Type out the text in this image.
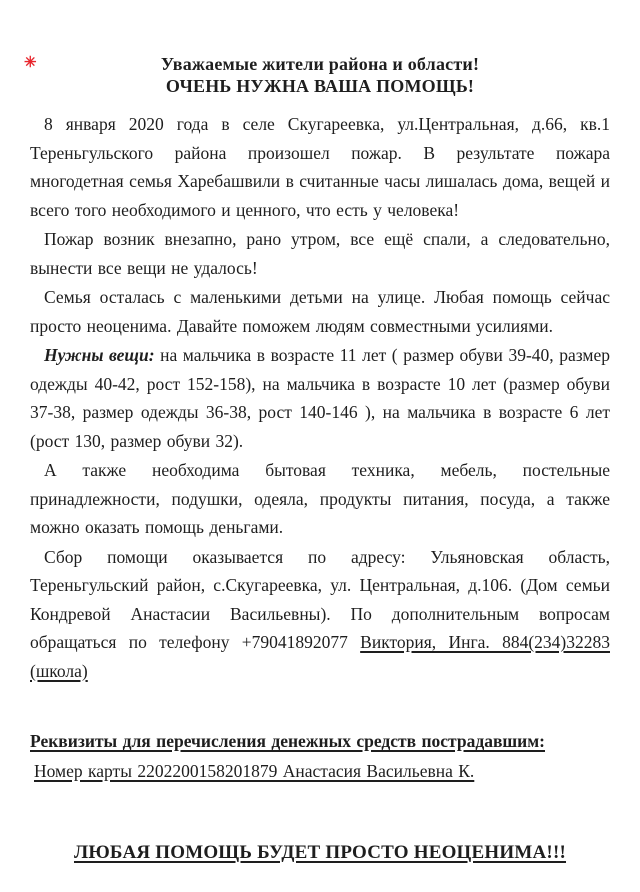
✳	Уважаемые жители района и области!
ОЧЕНЬ НУЖНА ВАША ПОМОЩЬ!

8 января 2020 года в селе Скугареевка, ул.Центральная, д.66, кв.1 Тереньгульского района произошел пожар. В результате пожара многодетная семья Харебашвили в считанные часы лишалась дома, вещей и всего того необходимого и ценного, что есть у человека!

Пожар возник внезапно, рано утром, все ещё спали, а следовательно, вынести все вещи не удалось!

Семья осталась с маленькими детьми на улице. Любая помощь сейчас просто неоценима. Давайте поможем людям совместными усилиями.

Нужны вещи: на мальчика в возрасте 11 лет ( размер обуви 39-40, размер одежды 40-42, рост 152-158), на мальчика в возрасте 10 лет (размер обуви 37-38, размер одежды 36-38, рост 140-146 ), на мальчика в возрасте 6 лет (рост 130, размер обуви 32).

А также необходима бытовая техника, мебель, постельные принадлежности, подушки, одеяла, продукты питания, посуда, а также можно оказать помощь деньгами.

Сбор помощи оказывается по адресу: Ульяновская область, Тереньгульский район, с.Скугареевка, ул. Центральная, д.106. (Дом семьи Кондревой Анастасии Васильевны). По дополнительным вопросам обращаться по телефону +79041892077 Виктория, Инга. 884(234)32283 (школа)

Реквизиты для перечисления денежных средств пострадавшим:

Номер карты 2202200158201879 Анастасия Васильевна К.

ЛЮБАЯ ПОМОЩЬ БУДЕТ ПРОСТО НЕОЦЕНИМА!!!
